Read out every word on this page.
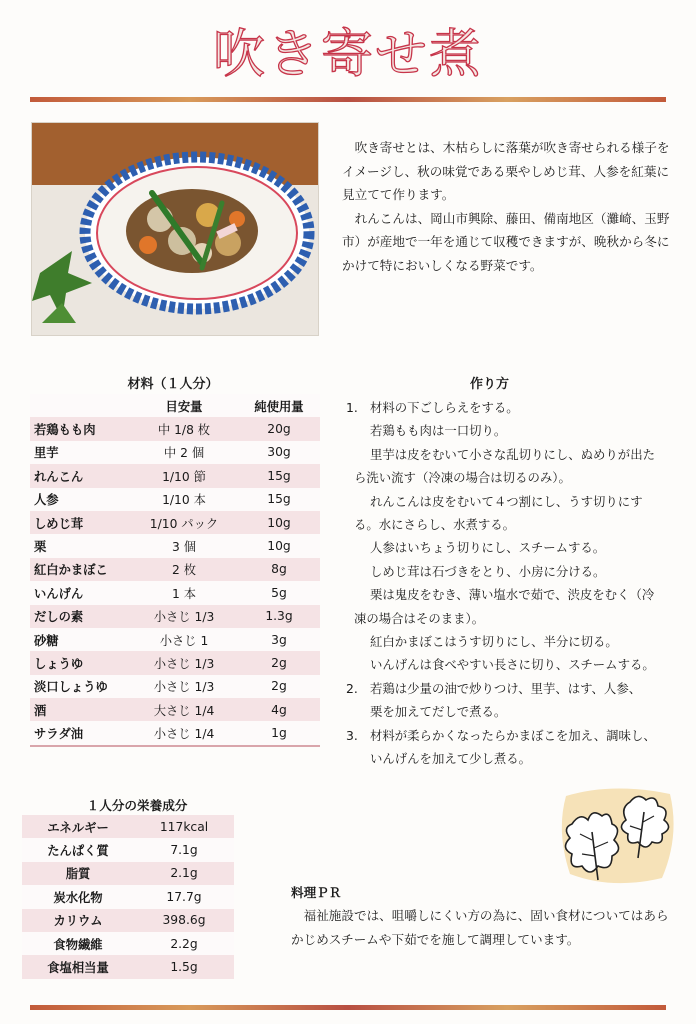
吹き寄せ煮

吹き寄せとは、木枯らしに落葉が吹き寄せられる様子をイメージし、秋の味覚である栗やしめじ茸、人参を紅葉に見立てて作ります。

れんこんは、岡山市興除、藤田、備南地区（灘崎、玉野市）が産地で一年を通じて収穫できますが、晩秋から冬にかけて特においしくなる野菜です。

材料（１人分）
	目安量	純使用量
若鶏もも肉	中 1/8 枚	20g
里芋	中 2 個	30g
れんこん	1/10 節	15g
人参	1/10 本	15g
しめじ茸	1/10 パック	10g
栗	3 個	10g
紅白かまぼこ	2 枚	8g
いんげん	1 本	5g
だしの素	小さじ 1/3	1.3g
砂糖	小さじ 1	3g
しょうゆ	小さじ 1/3	2g
淡口しょうゆ	小さじ 1/3	2g
酒	大さじ 1/4	4g
サラダ油	小さじ 1/4	1g
作り方
1. 材料の下ごしらえをする。
若鶏もも肉は一口切り。
里芋は皮をむいて小さな乱切りにし、ぬめりが出た
ら洗い流す（冷凍の場合は切るのみ）。
れんこんは皮をむいて４つ割にし、うす切りにす
る。水にさらし、水煮する。
人参はいちょう切りにし、スチームする。
しめじ茸は石づきをとり、小房に分ける。
栗は鬼皮をむき、薄い塩水で茹で、渋皮をむく（冷
凍の場合はそのまま）。
紅白かまぼこはうす切りにし、半分に切る。
いんげんは食べやすい長さに切り、スチームする。
2. 若鶏は少量の油で炒りつけ、里芋、はす、人参、
栗を加えてだしで煮る。
3. 材料が柔らかくなったらかまぼこを加え、調味し、
いんげんを加えて少し煮る。
１人分の栄養成分
エネルギー	117kcal
たんぱく質	7.1g
脂質	2.1g
炭水化物	17.7g
カリウム	398.6g
食物繊維	2.2g
食塩相当量	1.5g
料理ＰＲ

福祉施設では、咀嚼しにくい方の為に、固い食材についてはあらかじめスチームや下茹でを施して調理しています。
